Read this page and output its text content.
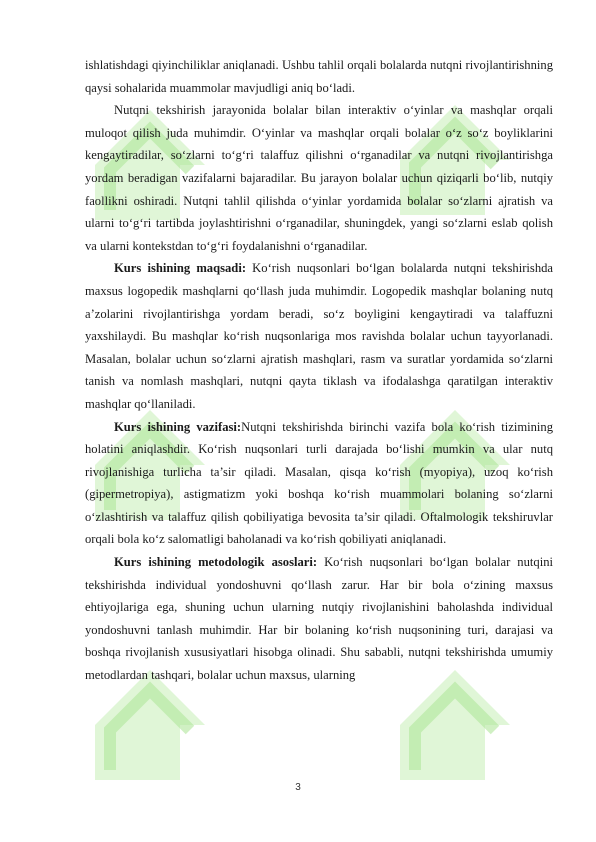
ishlatishdagi qiyinchiliklar aniqlanadi. Ushbu tahlil orqali bolalarda nutqni rivojlantirishning qaysi sohalarida muammolar mavjudligi aniq bo‘ladi.

Nutqni tekshirish jarayonida bolalar bilan interaktiv o‘yinlar va mashqlar orqali muloqot qilish juda muhimdir. O‘yinlar va mashqlar orqali bolalar o‘z so‘z boyliklarini kengaytiradilar, so‘zlarni to‘g‘ri talaffuz qilishni o‘rganadilar va nutqni rivojlantirishga yordam beradigan vazifalarni bajaradilar. Bu jarayon bolalar uchun qiziqarli bo‘lib, nutqiy faollikni oshiradi. Nutqni tahlil qilishda o‘yinlar yordamida bolalar so‘zlarni ajratish va ularni to‘g‘ri tartibda joylashtirishni o‘rganadilar, shuningdek, yangi so‘zlarni eslab qolish va ularni kontekstdan to‘g‘ri foydalanishni o‘rganadilar.

Kurs ishining maqsadi: Ko‘rish nuqsonlari bo‘lgan bolalarda nutqni tekshirishda maxsus logopedik mashqlarni qo‘llash juda muhimdir. Logopedik mashqlar bolaning nutq a’zolarini rivojlantirishga yordam beradi, so‘z boyligini kengaytiradi va talaffuzni yaxshilaydi. Bu mashqlar ko‘rish nuqsonlariga mos ravishda bolalar uchun tayyorlanadi. Masalan, bolalar uchun so‘zlarni ajratish mashqlari, rasm va suratlar yordamida so‘zlarni tanish va nomlash mashqlari, nutqni qayta tiklash va ifodalashga qaratilgan interaktiv mashqlar qo‘llaniladi.

Kurs ishining vazifasi:Nutqni tekshirishda birinchi vazifa bola ko‘rish tizimining holatini aniqlashdir. Ko‘rish nuqsonlari turli darajada bo‘lishi mumkin va ular nutq rivojlanishiga turlicha ta’sir qiladi. Masalan, qisqa ko‘rish (myopiya), uzoq ko‘rish (gipermetropiya), astigmatizm yoki boshqa ko‘rish muammolari bolaning so‘zlarni o‘zlashtirish va talaffuz qilish qobiliyatiga bevosita ta’sir qiladi. Oftalmologik tekshiruvlar orqali bola ko‘z salomatligi baholanadi va ko‘rish qobiliyati aniqlanadi.

Kurs ishining metodologik asoslari: Ko‘rish nuqsonlari bo‘lgan bolalar nutqini tekshirishda individual yondoshuvni qo‘llash zarur. Har bir bola o‘zining maxsus ehtiyojlariga ega, shuning uchun ularning nutqiy rivojlanishini baholashda individual yondoshuvni tanlash muhimdir. Har bir bolaning ko‘rish nuqsonining turi, darajasi va boshqa rivojlanish xususiyatlari hisobga olinadi. Shu sababli, nutqni tekshirishda umumiy metodlardan tashqari, bolalar uchun maxsus, ularning

3
